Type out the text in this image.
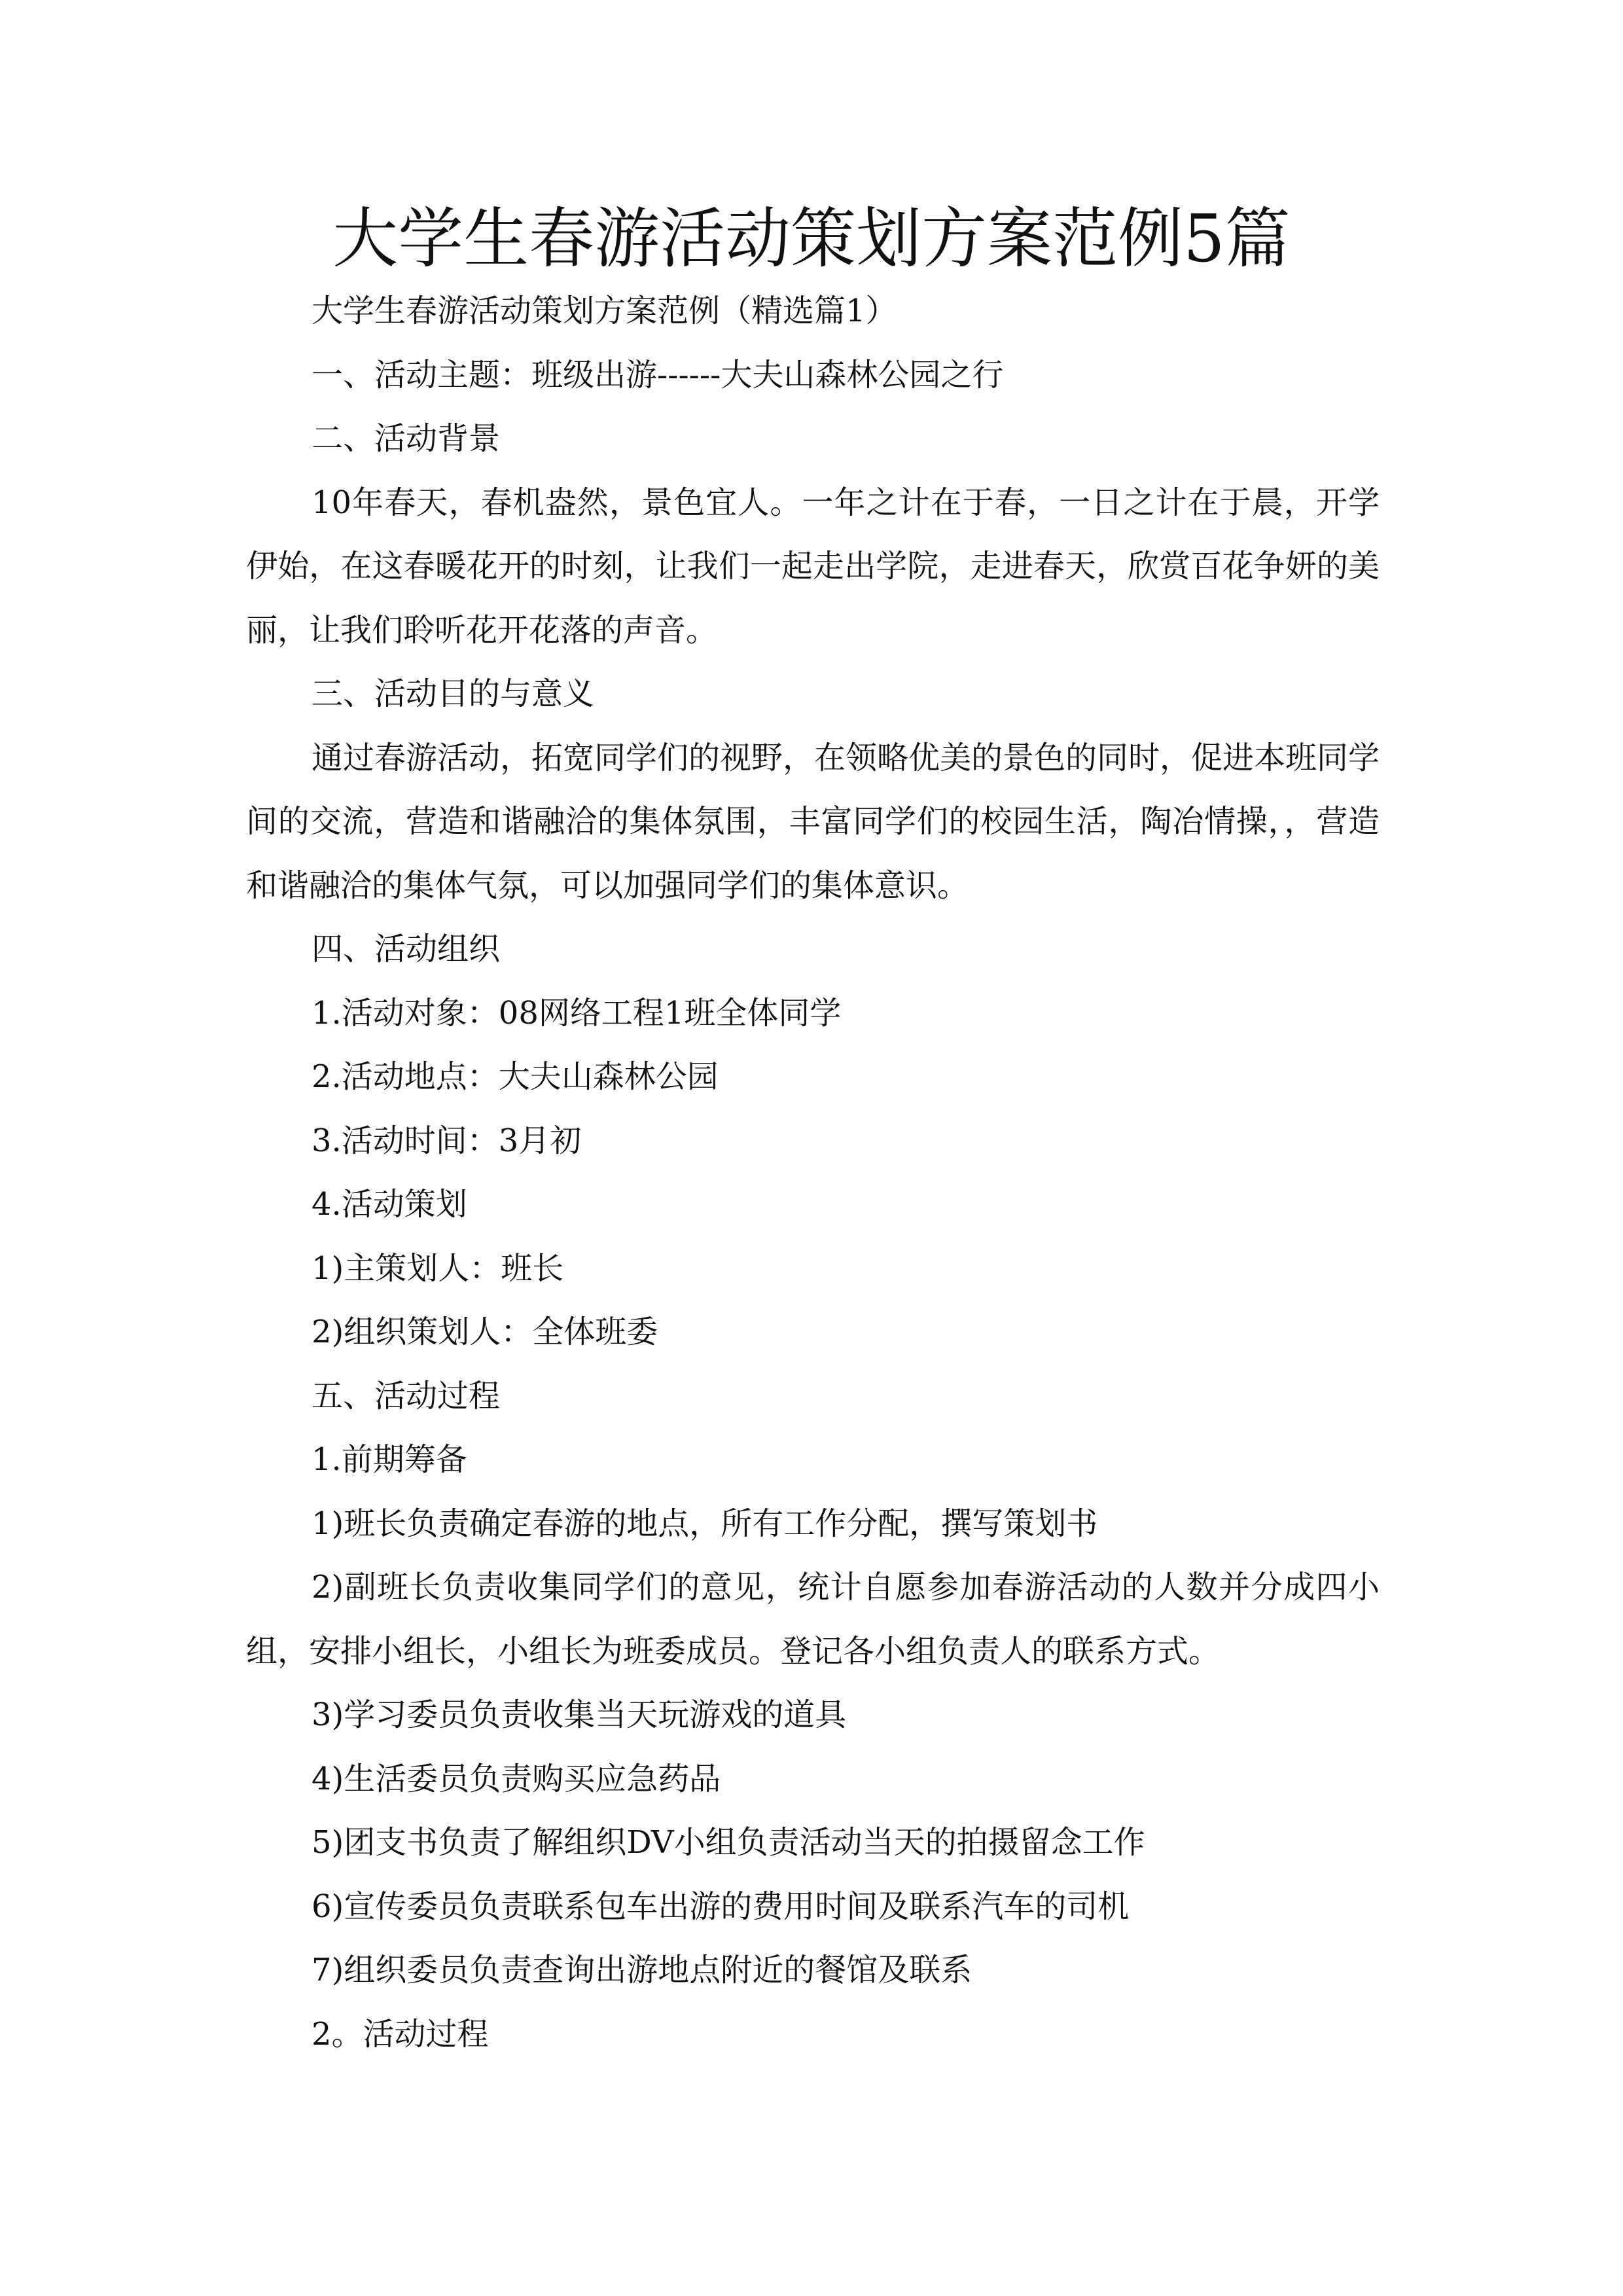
大学生春游活动策划方案范例5篇

大学生春游活动策划方案范例（精选篇1）

一、活动主题：班级出游------大夫山森林公园之行

二、活动背景

10年春天，春机盎然，景色宜人。一年之计在于春，一日之计在于晨，开学伊始，在这春暖花开的时刻，让我们一起走出学院，走进春天，欣赏百花争妍的美丽，让我们聆听花开花落的声音。

三、活动目的与意义

通过春游活动，拓宽同学们的视野，在领略优美的景色的同时，促进本班同学间的交流，营造和谐融洽的集体氛围，丰富同学们的校园生活，陶冶情操，，营造和谐融洽的集体气氛，可以加强同学们的集体意识。

四、活动组织

1.活动对象：08网络工程1班全体同学

2.活动地点：大夫山森林公园

3.活动时间：3月初

4.活动策划

1)主策划人：班长

2)组织策划人：全体班委

五、活动过程

1.前期筹备

1)班长负责确定春游的地点，所有工作分配，撰写策划书

2)副班长负责收集同学们的意见，统计自愿参加春游活动的人数并分成四小组，安排小组长，小组长为班委成员。登记各小组负责人的联系方式。

3)学习委员负责收集当天玩游戏的道具

4)生活委员负责购买应急药品

5)团支书负责了解组织DV小组负责活动当天的拍摄留念工作

6)宣传委员负责联系包车出游的费用时间及联系汽车的司机

7)组织委员负责查询出游地点附近的餐馆及联系

2。活动过程
